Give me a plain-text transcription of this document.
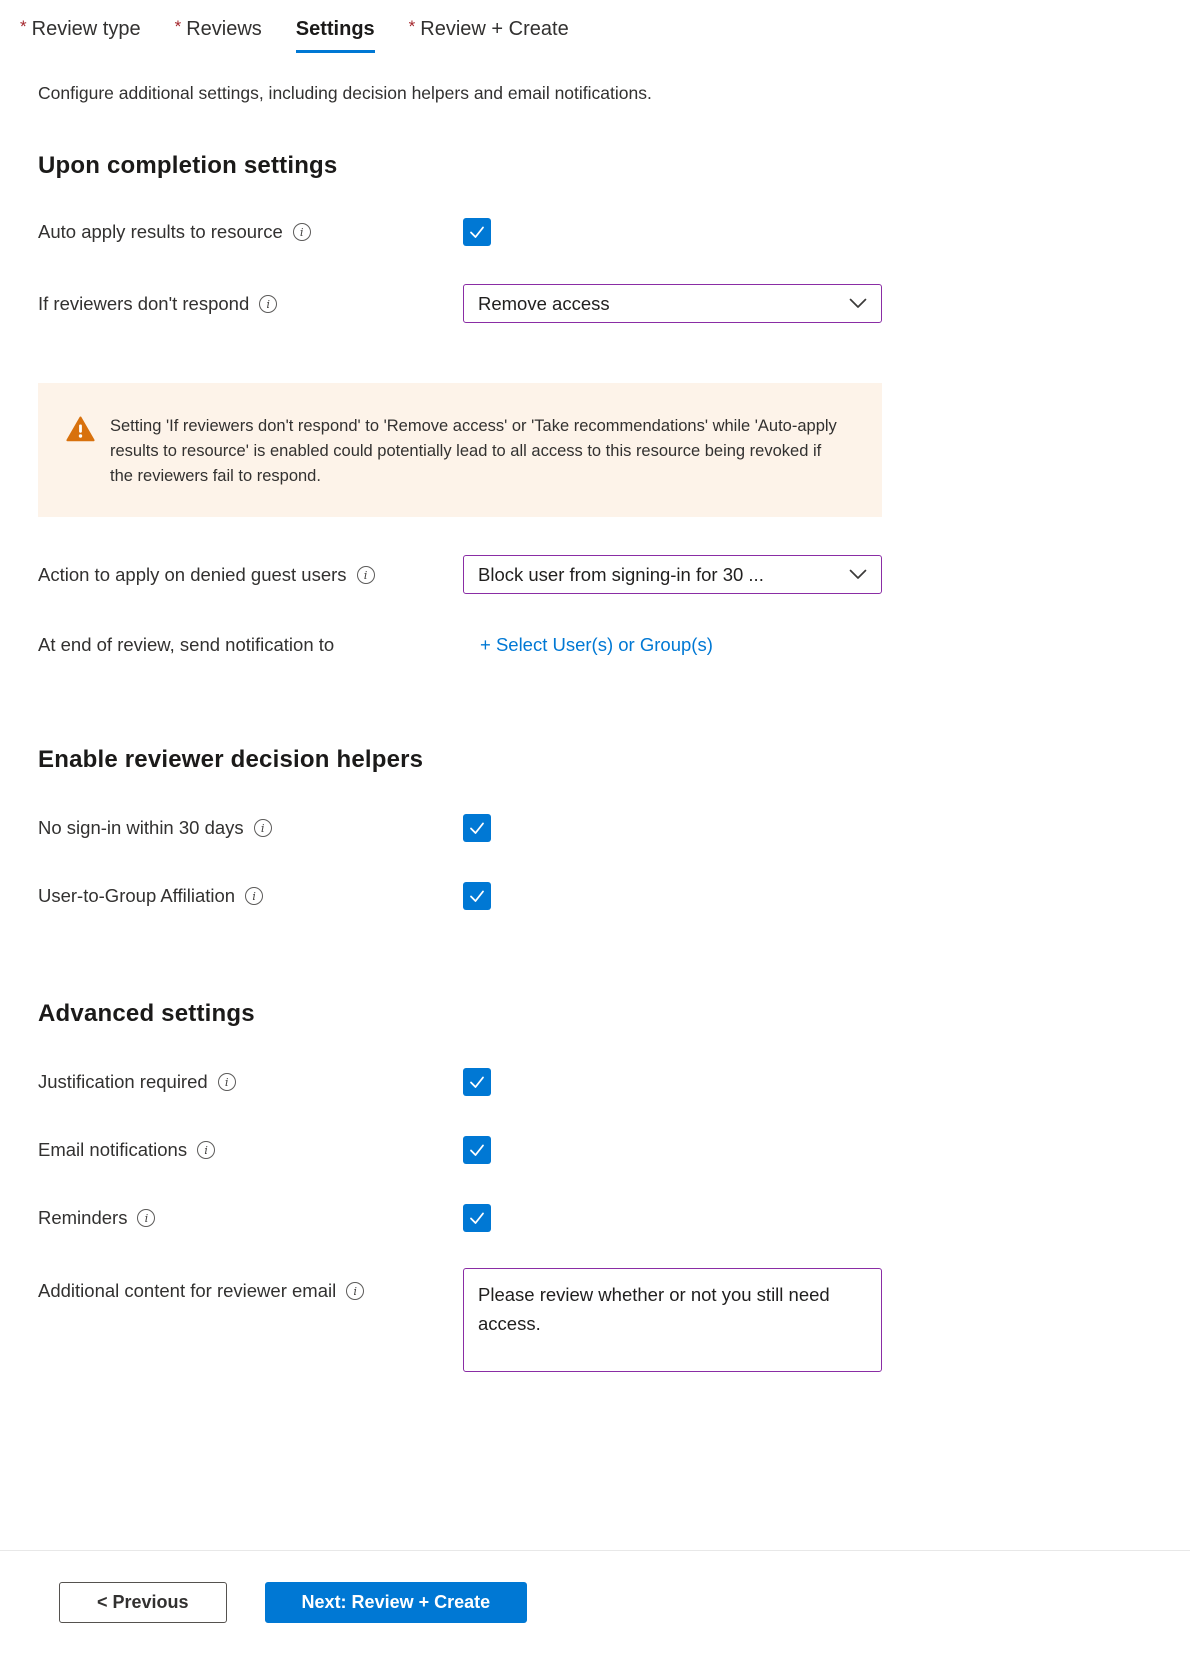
* Review type * Reviews Settings * Review + Create
Configure additional settings, including decision helpers and email notifications.
Upon completion settings
Auto apply results to resource i
If reviewers don't respond i	Remove access
Setting 'If reviewers don't respond' to 'Remove access' or 'Take recommendations' while 'Auto-apply results to resource' is enabled could potentially lead to all access to this resource being revoked if the reviewers fail to respond.
Action to apply on denied guest users i	Block user from signing-in for 30 ...
At end of review, send notification to	+ Select User(s) or Group(s)
Enable reviewer decision helpers
No sign-in within 30 days i
User-to-Group Affiliation i
Advanced settings
Justification required i
Email notifications i
Reminders i
Additional content for reviewer email i
Please review whether or not you still need access.
< Previous	Next: Review + Create
